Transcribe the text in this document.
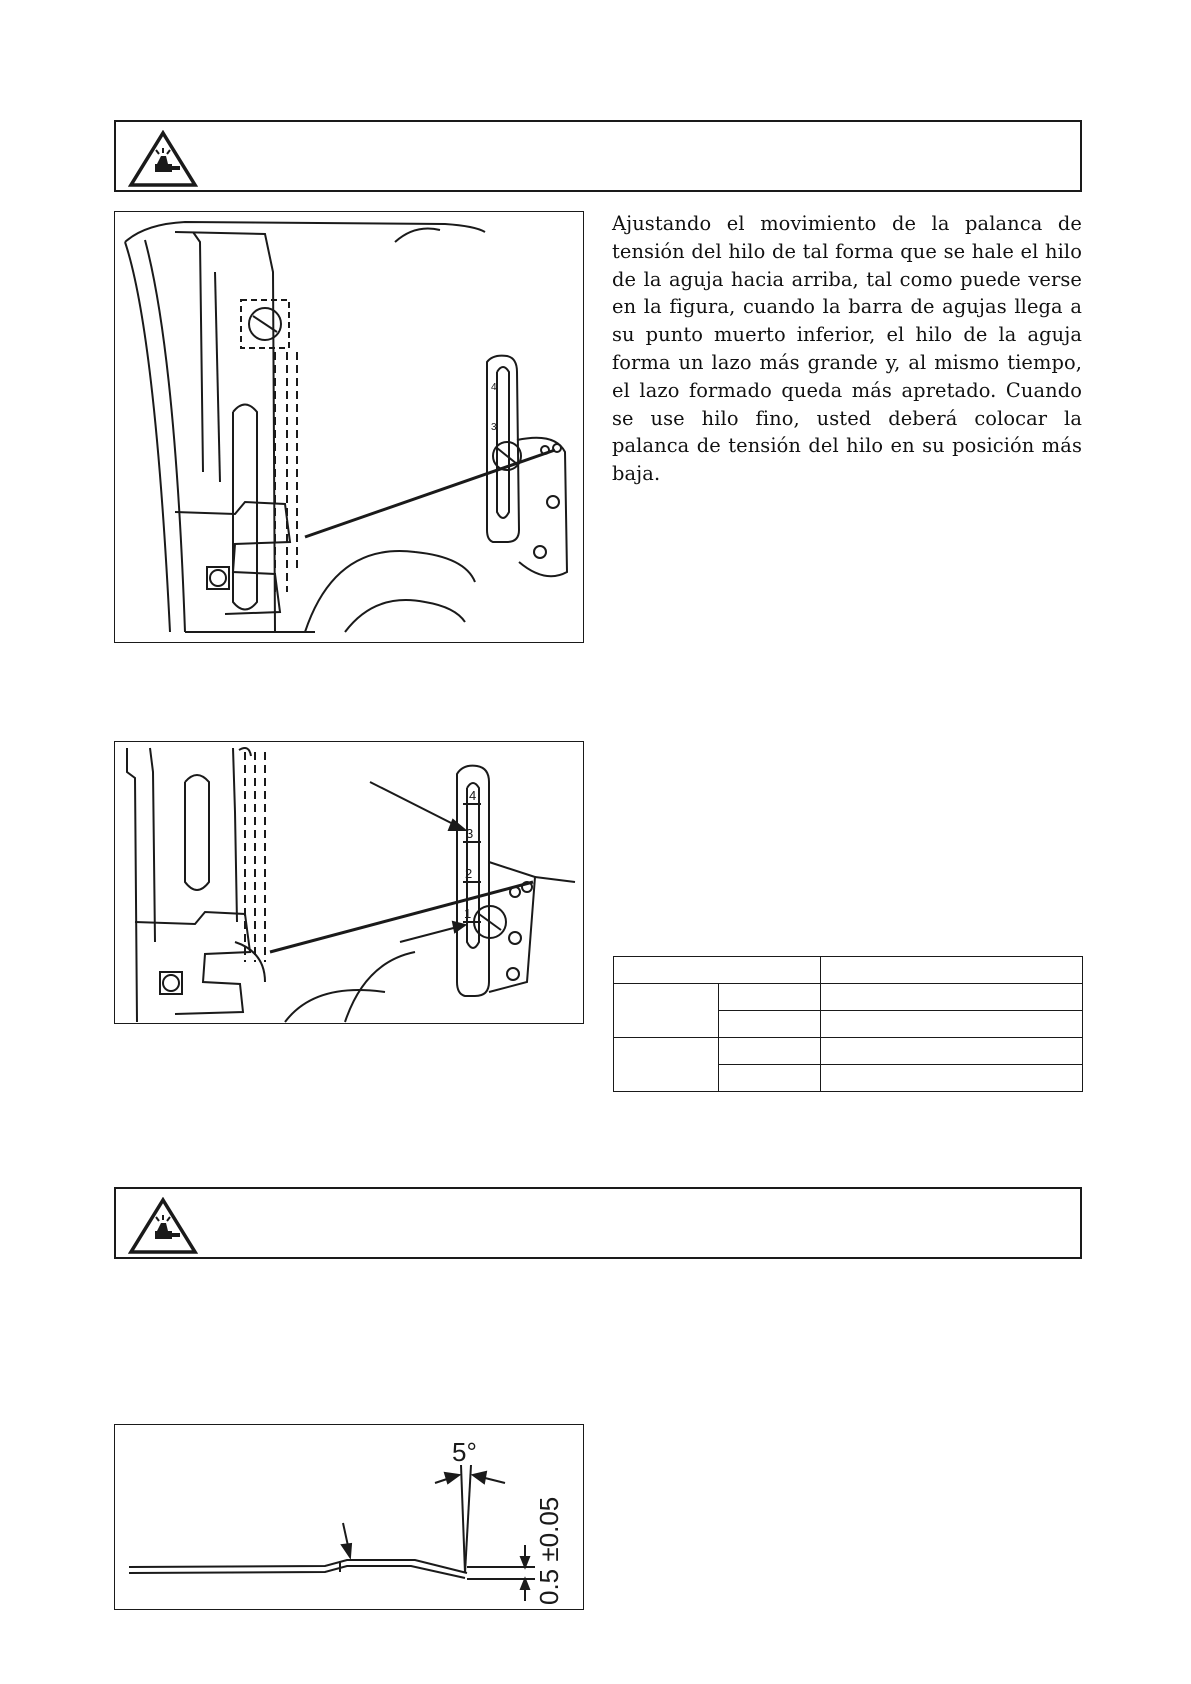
4
3
Ajustando el movimiento de la palanca de tensión del hilo de tal forma que se hale el hilo de la aguja hacia arriba, tal como puede verse en la figura, cuando la barra de agujas llega a su punto muerto inferior, el hilo de la aguja forma un lazo más grande y, al mismo tiempo, el lazo formado queda más apretado. Cuando se use hilo fino, usted deberá colocar la palanca de tensión del hilo en su posición más baja.
4
3
2
1

5°
0.5 ±0.05
